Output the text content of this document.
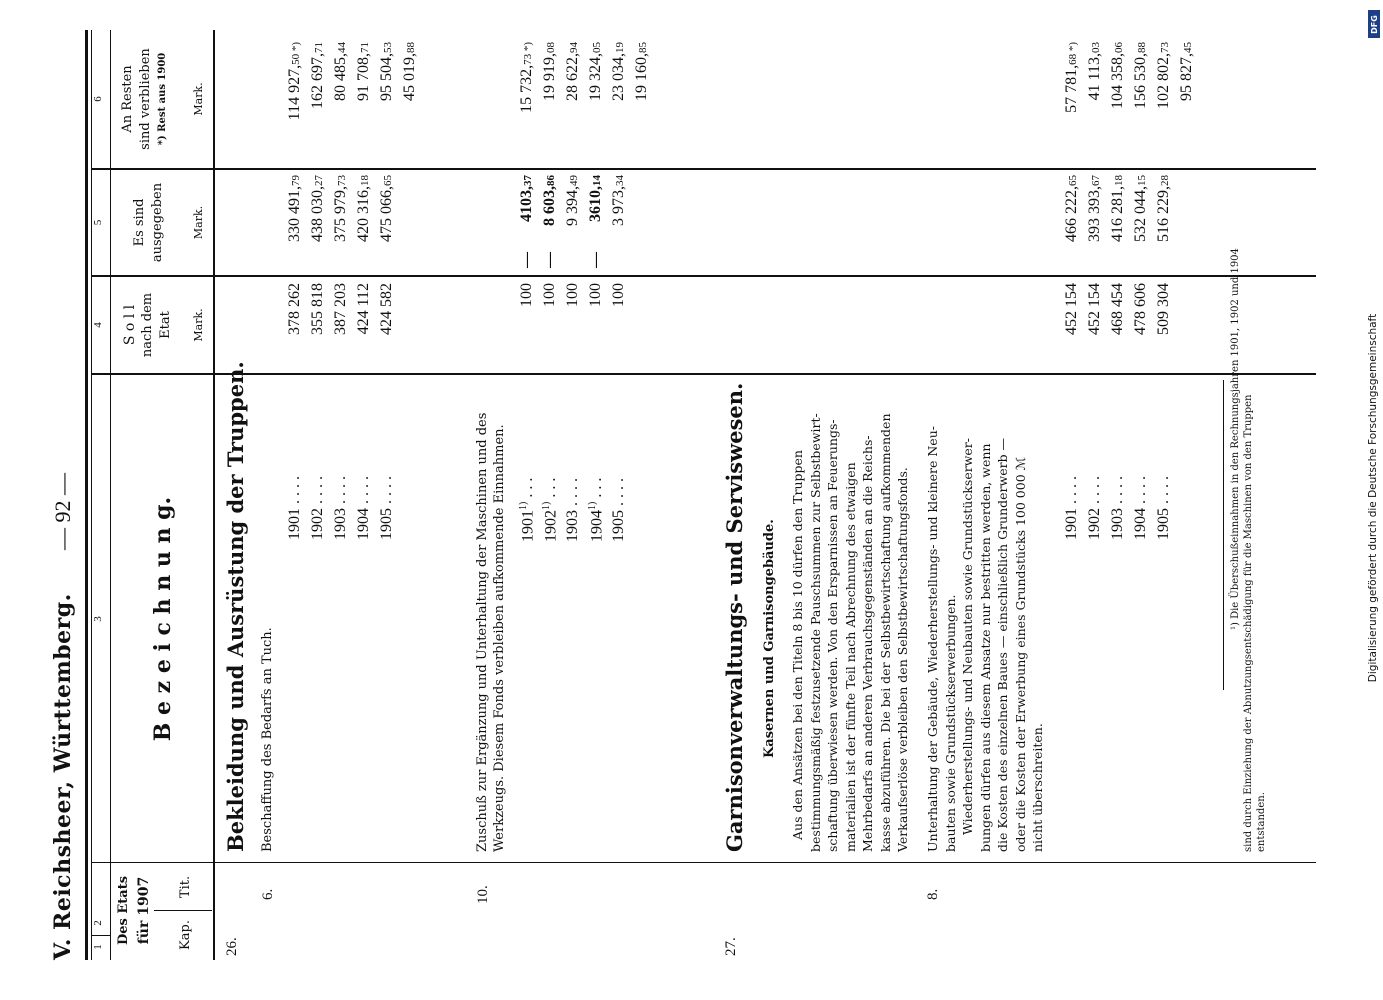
Digitalisierung gefördert durch die Deutsche Forschungsgemeinschaft
DFG
V. Reichsheer, Württemberg.
— 92 —
1
2
3
4
5
6
Des Etats für 1907 Kap.
Tit.
B e z e i c h n u n g.
S o l l nach dem Etat Mark.
Es sind ausgegeben Mark.
An Resten sind verblieben *) Rest aus 1900 Mark.
26.
Bekleidung und Ausrüstung der Truppen.
6.
Beschaffung des Bedarfs an Tuch.
1901. . . .
378 262
330 491,79
114 927,50 *)
1902. . . .
355 818
438 030,27
162 697,71
1903. . . .
387 203
375 979,73
80 485,44
1904. . . .
424 112
420 316,18
91 708,71
1905. . . .
424 582
475 066,65
95 504,53
45 019,88
10.
Zuschuß zur Ergänzung und Unterhaltung der Maschinen und des Werkzeugs. Diesem Fonds verbleiben aufkommende Einnahmen. 1901$^{1)}$. . .
100
—
4103,37
15 732,73 *)
1902$^{1)}$. . .
100
—
8 603,86
19 919,08
1903. . . .
100
9 394,49
28 622,94
1904$^{1)}$. . .
100
—
3610,14
19 324,05
1905. . . .
100
3 973,34
23 034,19
19 160,85
27.
Garnisonverwaltungs- und Serviswesen. Kasernen und Garnisongebäude. Aus den Ansätzen bei den Titeln 8 bis 10 dürfen den Truppen bestimmungsmäßig festzusetzende Pauschsummen zur Selbstbewirt- schaftung überwiesen werden. Von den Ersparnissen an Feuerungs- materialien ist der fünfte Teil nach Abrechnung des etwaigen Mehrbedarfs an anderen Verbrauchsgegenständen an die Reichs- kasse abzuführen. Die bei der Selbstbewirtschaftung aufkommenden Verkaufserlöse verbleiben den Selbstbewirtschaftungsfonds.
8.
Unterhaltung der Gebäude, Wiederherstellungs- und kleinere Neu- bauten sowie Grundstückserwerbungen. Wiederherstellungs- und Neubauten sowie Grundstückserwer- bungen dürfen aus diesem Ansatze nur bestritten werden, wenn die Kosten des einzelnen Baues — einschließlich Grunderwerb — oder die Kosten der Erwerbung eines Grundstücks 100 000 ℳ nicht überschreiten.
1901. . . .
452 154
466 222,65
57 781,68 *)
1902. . . .
452 154
393 393,67
41 113,03
1903. . . .
468 454
416 281,18
104 358,06
1904. . . .
478 606
532 044,15
156 530,88
1905. . . .
509 304
516 229,28
102 802,73
95 827,45
¹) Die Überschußeinnahmen in den Rechnungsjahren 1901, 1902 und 1904 sind durch Einziehung der Abnutzungsentschädigung für die Maschinen von den Truppen entstanden.
